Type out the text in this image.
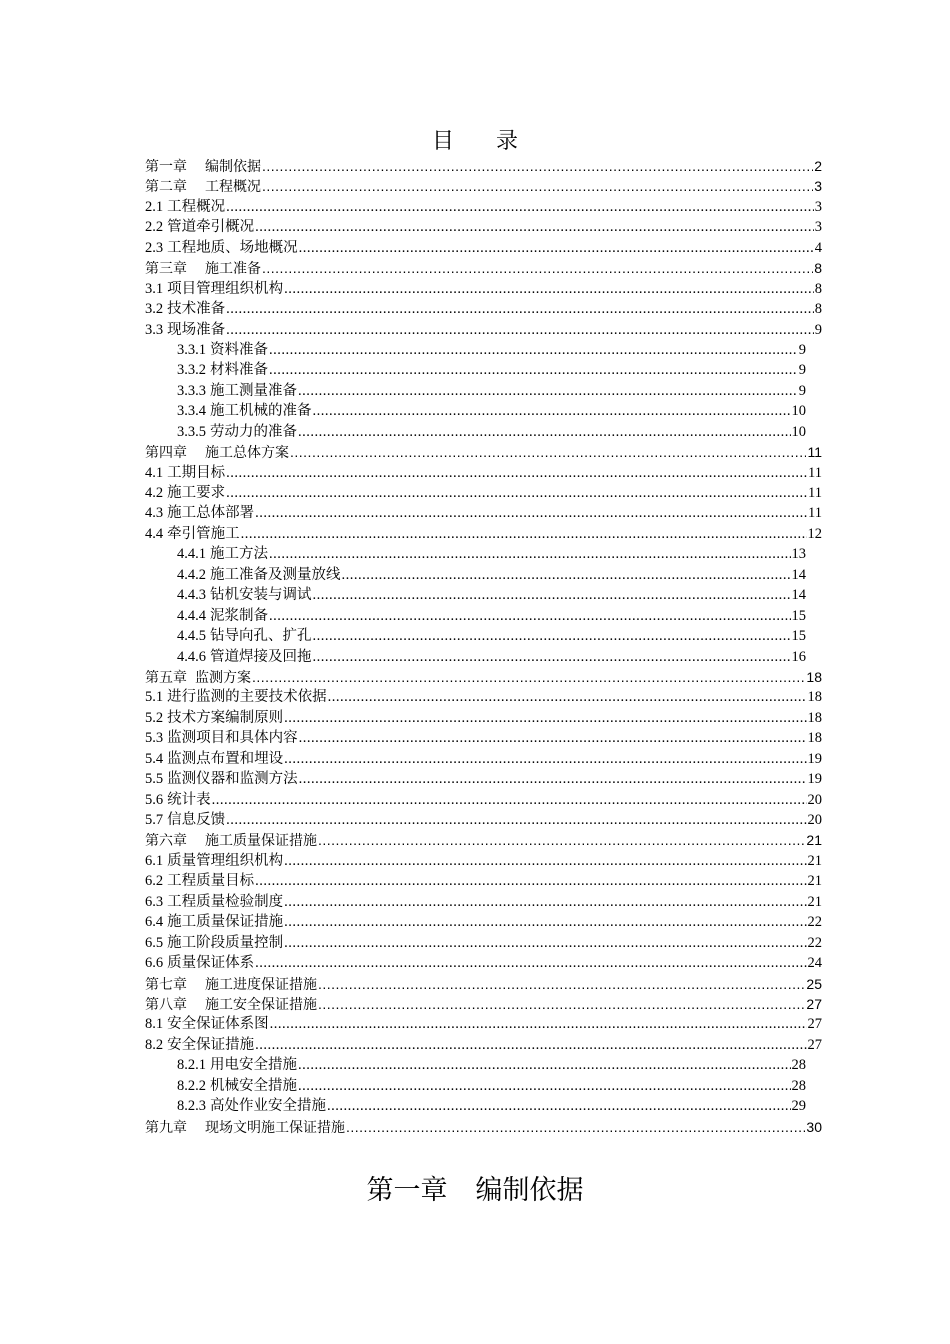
目 录
第一章 编制依据 .....	2
第二章 工程概况 .....	3
2.1 工程概况 .....	3
2.2 管道牵引概况 .....	3
2.3 工程地质、场地概况 .....	4
第三章 施工准备 .....	8
3.1 项目管理组织机构 .....	8
3.2 技术准备 .....	8
3.3 现场准备 .....	9
3.3.1 资料准备 .....	9
3.3.2 材料准备 .....	9
3.3.3 施工测量准备 .....	9
3.3.4 施工机械的准备 .....	10
3.3.5 劳动力的准备 .....	10
第四章 施工总体方案 .....	11
4.1 工期目标 .....	11
4.2 施工要求 .....	11
4.3 施工总体部署 .....	11
4.4 牵引管施工 .....	12
4.4.1 施工方法 .....	13
4.4.2 施工准备及测量放线 .....	14
4.4.3 钻机安装与调试 .....	14
4.4.4 泥浆制备 .....	15
4.4.5 钻导向孔、扩孔 .....	15
4.4.6 管道焊接及回拖 .....	16
第五章 监测方案 .....	18
5.1 进行监测的主要技术依据 .....	18
5.2 技术方案编制原则 .....	18
5.3 监测项目和具体内容 .....	18
5.4 监测点布置和埋设 .....	19
5.5 监测仪器和监测方法 .....	19
5.6 统计表 .....	20
5.7 信息反馈 .....	20
第六章 施工质量保证措施 .....	21
6.1 质量管理组织机构 .....	21
6.2 工程质量目标 .....	21
6.3 工程质量检验制度 .....	21
6.4 施工质量保证措施 .....	22
6.5 施工阶段质量控制 .....	22
6.6 质量保证体系 .....	24
第七章 施工进度保证措施 .....	25
第八章 施工安全保证措施 .....	27
8.1 安全保证体系图 .....	27
8.2 安全保证措施 .....	27
8.2.1 用电安全措施 .....	28
8.2.2 机械安全措施 .....	28
8.2.3 高处作业安全措施 .....	29
第九章 现场文明施工保证措施 .....	30
第一章 编制依据
